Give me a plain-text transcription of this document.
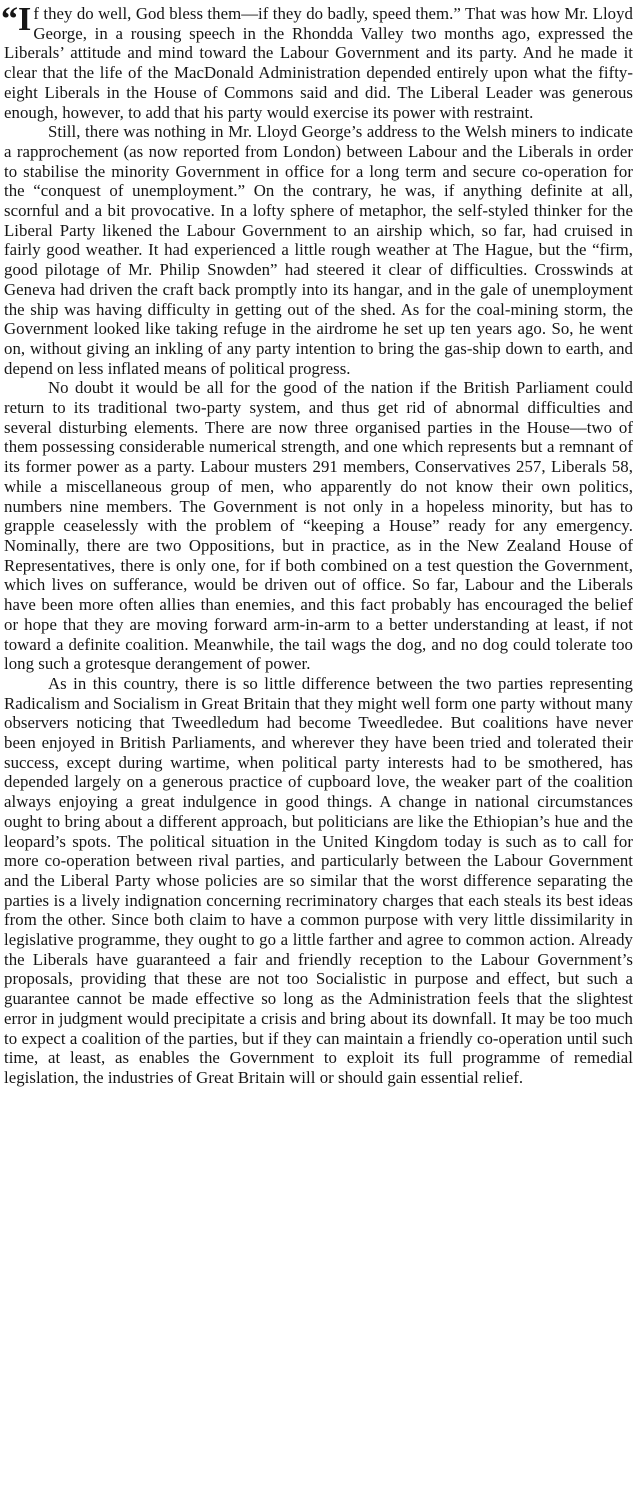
“If they do well, God bless them—if they do badly, speed them.” That was how Mr. Lloyd George, in a rousing speech in the Rhondda Valley two months ago, expressed the Liberals’ attitude and mind toward the Labour Government and its party. And he made it clear that the life of the MacDonald Administration depended entirely upon what the fifty-eight Liberals in the House of Commons said and did. The Liberal Leader was generous enough, however, to add that his party would exercise its power with restraint.

Still, there was nothing in Mr. Lloyd George’s address to the Welsh miners to indicate a rapprochement (as now reported from London) between Labour and the Liberals in order to stabilise the minority Government in office for a long term and secure co-operation for the “conquest of unemployment.” On the contrary, he was, if anything definite at all, scornful and a bit provocative. In a lofty sphere of metaphor, the self-styled thinker for the Liberal Party likened the Labour Government to an airship which, so far, had cruised in fairly good weather. It had experienced a little rough weather at The Hague, but the “firm, good pilotage of Mr. Philip Snowden” had steered it clear of difficulties. Crosswinds at Geneva had driven the craft back promptly into its hangar, and in the gale of unemployment the ship was having difficulty in getting out of the shed. As for the coal-mining storm, the Government looked like taking refuge in the airdrome he set up ten years ago. So, he went on, without giving an inkling of any party intention to bring the gas-ship down to earth, and depend on less inflated means of political progress.

No doubt it would be all for the good of the nation if the British Parliament could return to its traditional two-party system, and thus get rid of abnormal difficulties and several disturbing elements. There are now three organised parties in the House—two of them possessing considerable numerical strength, and one which represents but a remnant of its former power as a party. Labour musters 291 members, Conservatives 257, Liberals 58, while a miscellaneous group of men, who apparently do not know their own politics, numbers nine members. The Government is not only in a hopeless minority, but has to grapple ceaselessly with the problem of “keeping a House” ready for any emergency. Nominally, there are two Oppositions, but in practice, as in the New Zealand House of Representatives, there is only one, for if both combined on a test question the Government, which lives on sufferance, would be driven out of office. So far, Labour and the Liberals have been more often allies than enemies, and this fact probably has encouraged the belief or hope that they are moving forward arm-in-arm to a better understanding at least, if not toward a definite coalition. Meanwhile, the tail wags the dog, and no dog could tolerate too long such a grotesque derangement of power.

As in this country, there is so little difference between the two parties representing Radicalism and Socialism in Great Britain that they might well form one party without many observers noticing that Tweedledum had become Tweedledee. But coalitions have never been enjoyed in British Parliaments, and wherever they have been tried and tolerated their success, except during wartime, when political party interests had to be smothered, has depended largely on a generous practice of cupboard love, the weaker part of the coalition always enjoying a great indulgence in good things. A change in national circumstances ought to bring about a different approach, but politicians are like the Ethiopian’s hue and the leopard’s spots. The political situation in the United Kingdom today is such as to call for more co-operation between rival parties, and particularly between the Labour Government and the Liberal Party whose policies are so similar that the worst difference separating the parties is a lively indignation concerning recriminatory charges that each steals its best ideas from the other. Since both claim to have a common purpose with very little dissimilarity in legislative programme, they ought to go a little farther and agree to common action. Already the Liberals have guaranteed a fair and friendly reception to the Labour Government’s proposals, providing that these are not too Socialistic in purpose and effect, but such a guarantee cannot be made effective so long as the Administration feels that the slightest error in judgment would precipitate a crisis and bring about its downfall. It may be too much to expect a coalition of the parties, but if they can maintain a friendly co-operation until such time, at least, as enables the Government to exploit its full programme of remedial legislation, the industries of Great Britain will or should gain essential relief.
